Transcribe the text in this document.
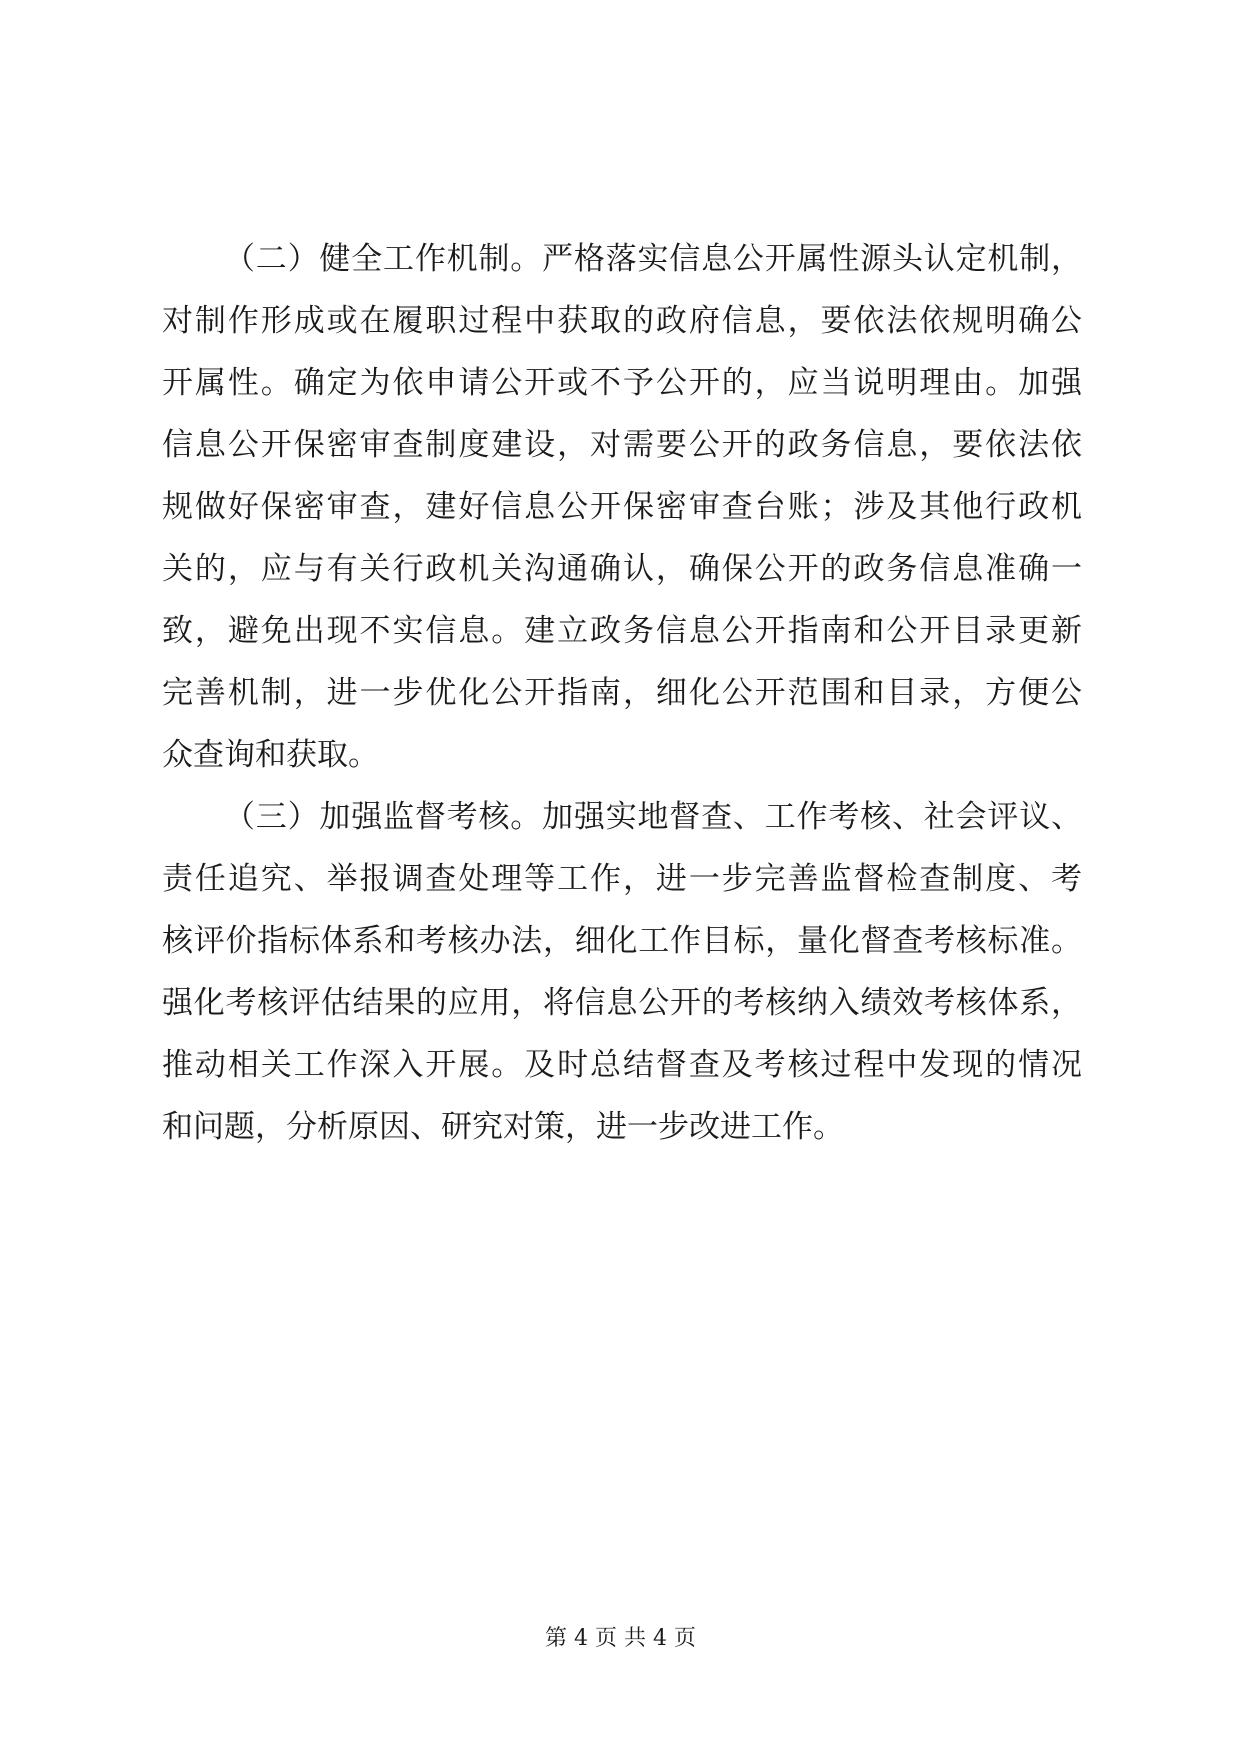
（二）健全工作机制。严格落实信息公开属性源头认定机制，
对制作形成或在履职过程中获取的政府信息，要依法依规明确公
开属性。确定为依申请公开或不予公开的，应当说明理由。加强
信息公开保密审查制度建设，对需要公开的政务信息，要依法依
规做好保密审查，建好信息公开保密审查台账；涉及其他行政机
关的，应与有关行政机关沟通确认，确保公开的政务信息准确一
致，避免出现不实信息。建立政务信息公开指南和公开目录更新
完善机制，进一步优化公开指南，细化公开范围和目录，方便公
众查询和获取。
（三）加强监督考核。加强实地督查、工作考核、社会评议、
责任追究、举报调查处理等工作，进一步完善监督检查制度、考
核评价指标体系和考核办法，细化工作目标，量化督查考核标准。
强化考核评估结果的应用，将信息公开的考核纳入绩效考核体系，
推动相关工作深入开展。及时总结督查及考核过程中发现的情况
和问题，分析原因、研究对策，进一步改进工作。
第 4 页 共 4 页
